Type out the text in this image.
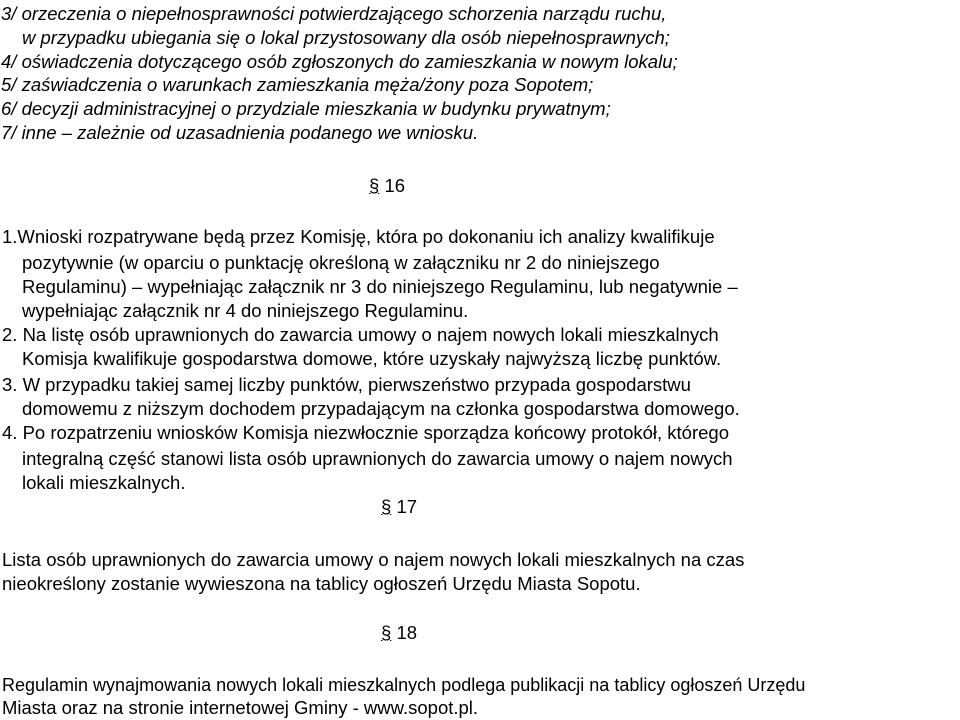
3/ orzeczenia o niepełnosprawności potwierdzającego schorzenia narządu ruchu,
w przypadku ubiegania się o lokal przystosowany dla osób niepełnosprawnych;
4/ oświadczenia dotyczącego osób zgłoszonych do zamieszkania w nowym lokalu;
5/ zaświadczenia o warunkach zamieszkania męża/żony poza Sopotem;
6/ decyzji administracyjnej o przydziale mieszkania w budynku prywatnym;
7/ inne – zależnie od uzasadnienia podanego we wniosku.
§ 16
1.Wnioski rozpatrywane będą przez Komisję, która po dokonaniu ich analizy kwalifikuje
pozytywnie (w oparciu o punktację określoną w załączniku nr 2 do niniejszego
Regulaminu) – wypełniając załącznik nr 3 do niniejszego Regulaminu, lub negatywnie –
wypełniając załącznik nr 4 do niniejszego Regulaminu.
2. Na listę osób uprawnionych do zawarcia umowy o najem nowych lokali mieszkalnych
Komisja kwalifikuje gospodarstwa domowe, które uzyskały najwyższą liczbę punktów.
3. W przypadku takiej samej liczby punktów, pierwszeństwo przypada gospodarstwu
domowemu z niższym dochodem przypadającym na członka gospodarstwa domowego.
4. Po rozpatrzeniu wniosków Komisja niezwłocznie sporządza końcowy protokół, którego
integralną część stanowi lista osób uprawnionych do zawarcia umowy o najem nowych
lokali mieszkalnych.
§ 17
Lista osób uprawnionych do zawarcia umowy o najem nowych lokali mieszkalnych na czas
nieokreślony zostanie wywieszona na tablicy ogłoszeń Urzędu Miasta Sopotu.
§ 18
Regulamin wynajmowania nowych lokali mieszkalnych podlega publikacji na tablicy ogłoszeń Urzędu
Miasta oraz na stronie internetowej Gminy - www.sopot.pl.
